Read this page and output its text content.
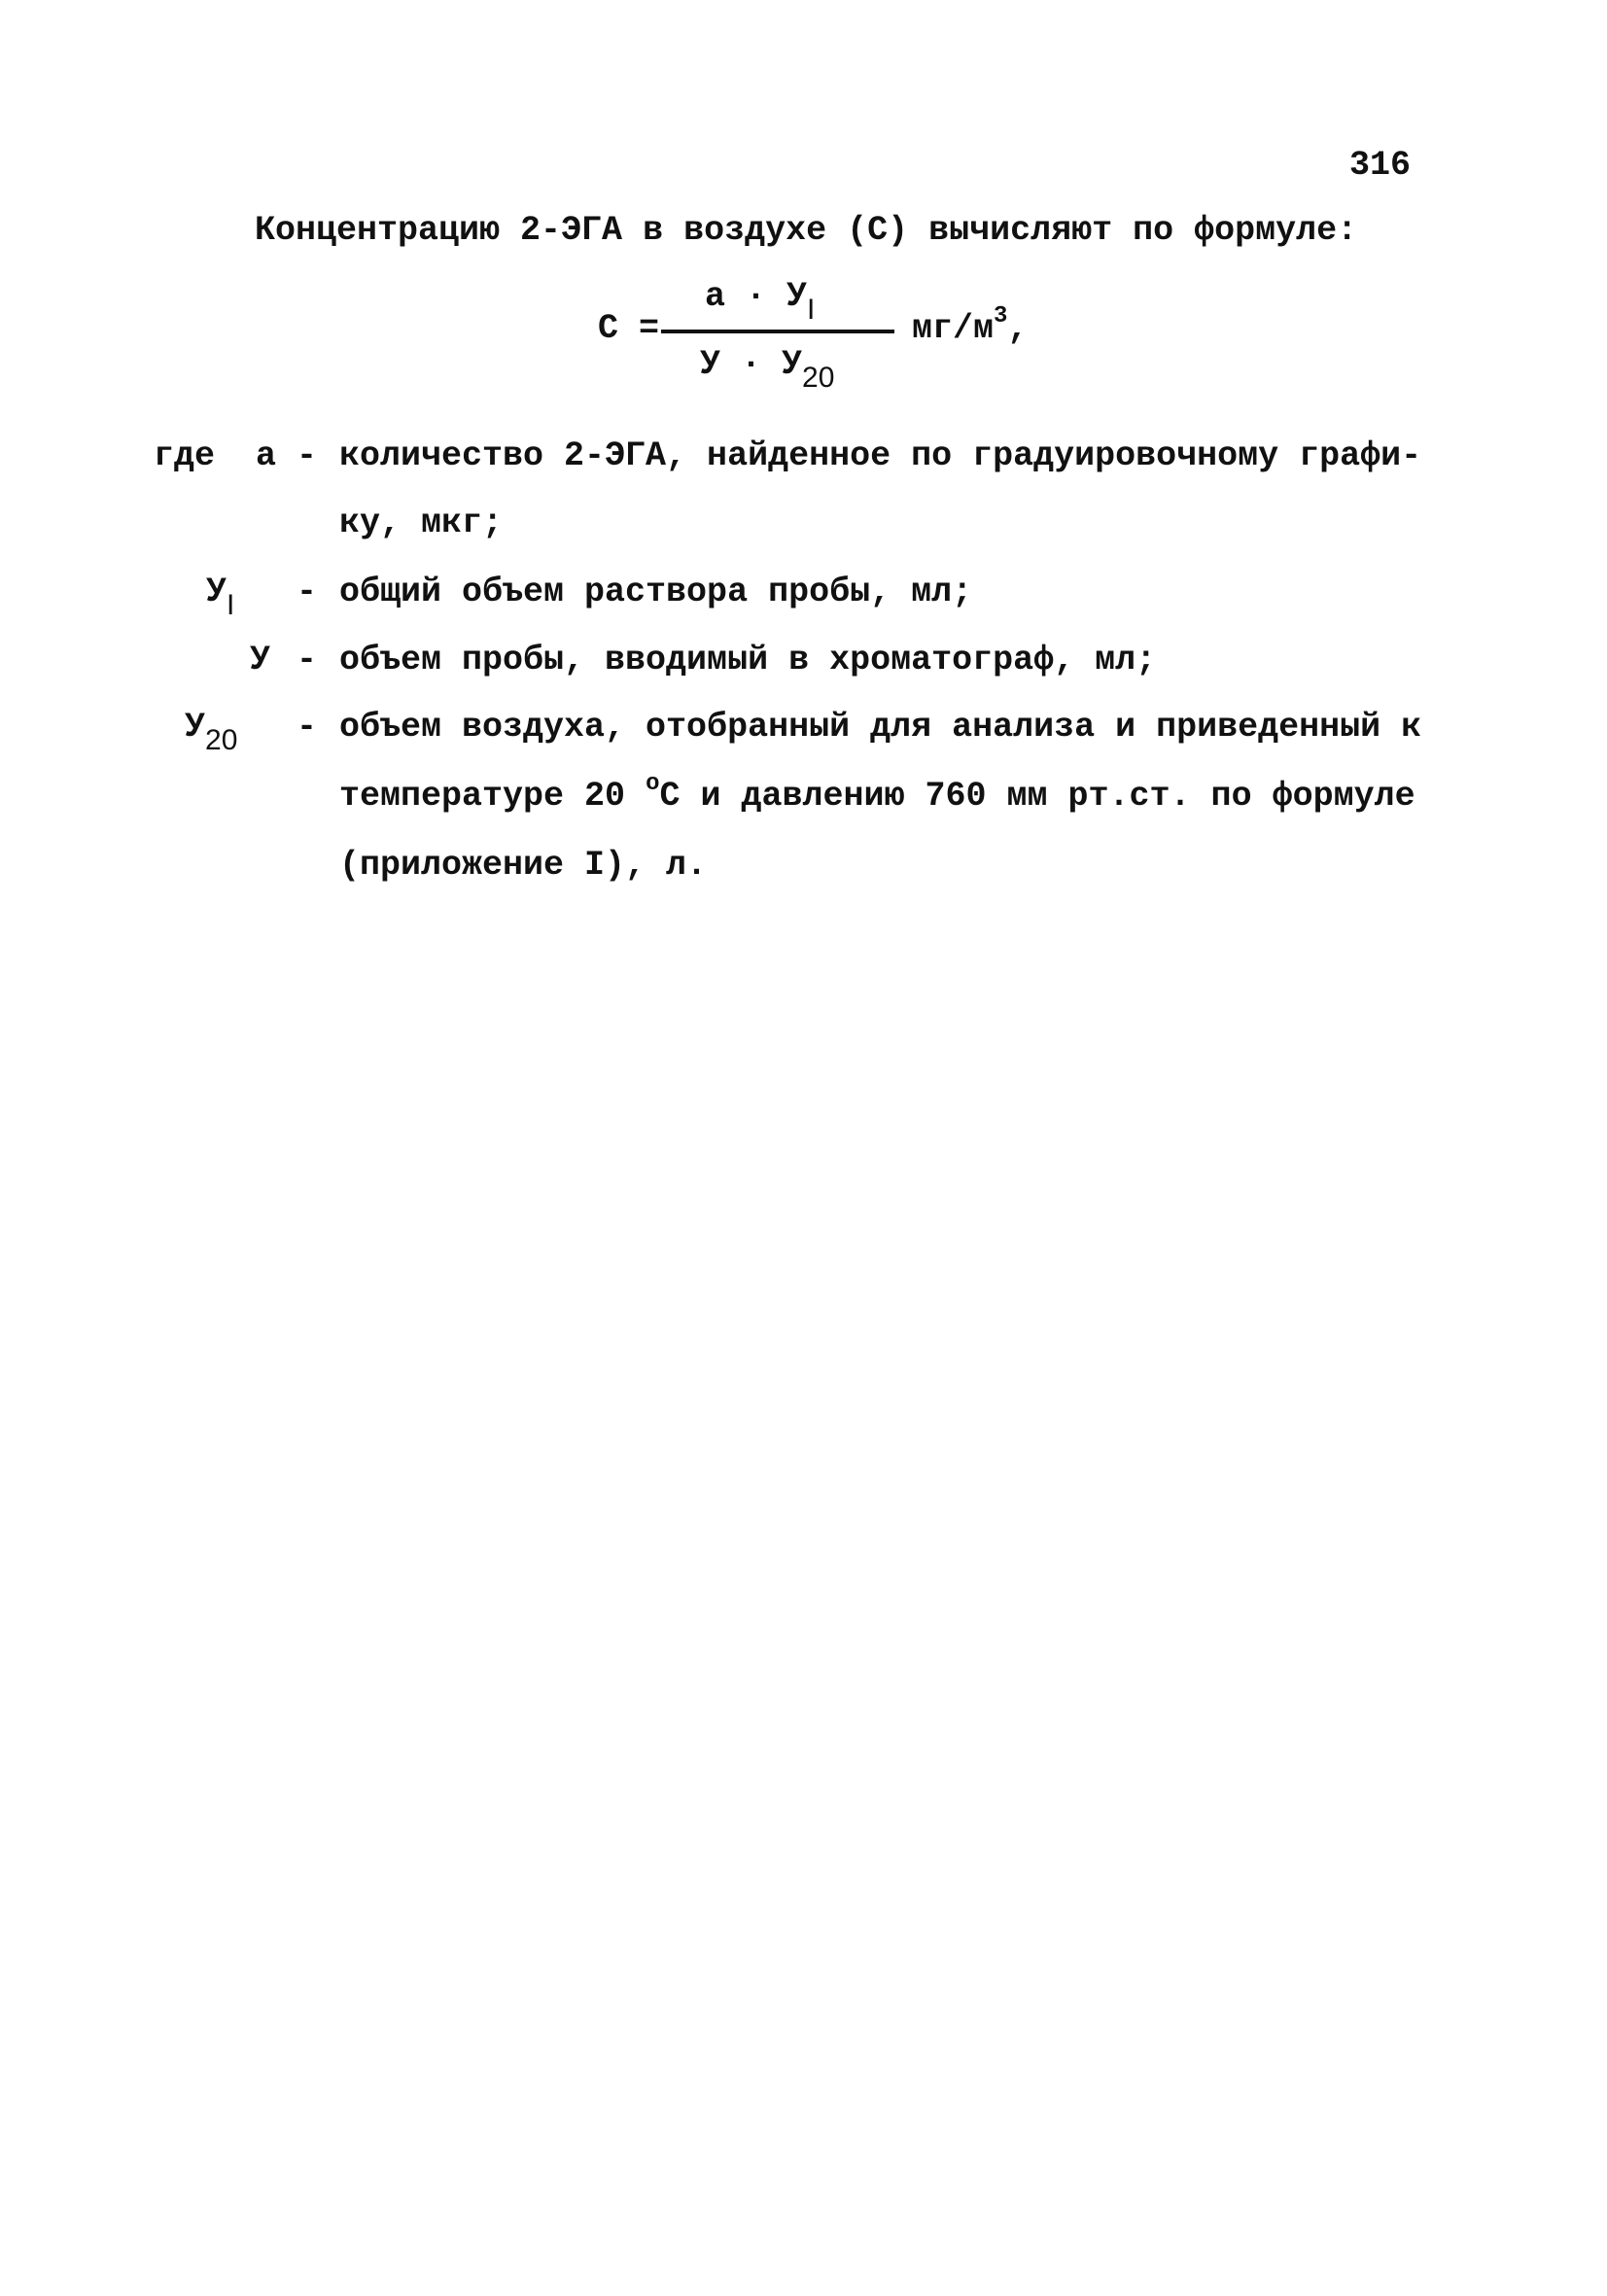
316
Концентрацию 2-ЭГА в воздухе (С) вычисляют по формуле:
С =
а · УI
У · У20
$мг/м^3$,
где а - количество 2-ЭГА, найденное по градуировочному графи-
ку, мкг;
УI - общий объем раствора пробы, мл;
У - объем пробы, вводимый в хроматограф, мл;
У20 - объем воздуха, отобранный для анализа и приведенный к
температуре 20 $^о$С и давлению 760 мм рт.ст. по формуле
(приложение I), л.
